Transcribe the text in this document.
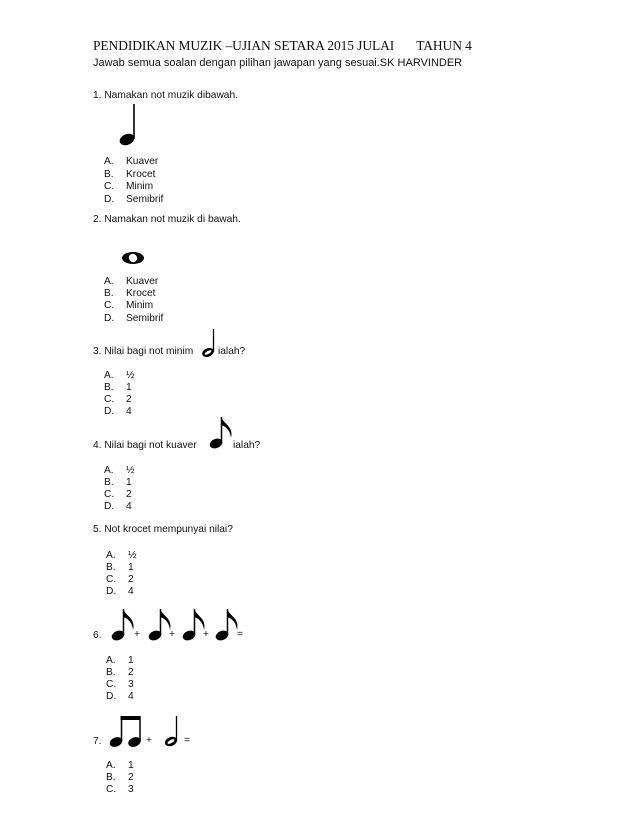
PENDIDIKAN MUZIK –UJIAN SETARA 2015 JULAI TAHUN 4
Jawab semua soalan dengan pilihan jawapan yang sesuai.SK HARVINDER
1. Namakan not muzik dibawah.
A. Kuaver
B. Krocet
C. Minim
D. Semibrif
2. Namakan not muzik di bawah.
A. Kuaver
B. Krocet
C. Minim
D. Semibrif
3. Nilai bagi not minim ialah?
A. ½
B. 1
C. 2
D. 4
4. Nilai bagi not kuaver	ialah?
A. ½
B. 1
C. 2
D. 4
5. Not krocet mempunyai nilai?
A. ½
B. 1
C. 2
D. 4
6.	+	+	+	=
A. 1
B. 2
C. 3
D. 4
7.	+	=
A. 1
B. 2
C. 3
